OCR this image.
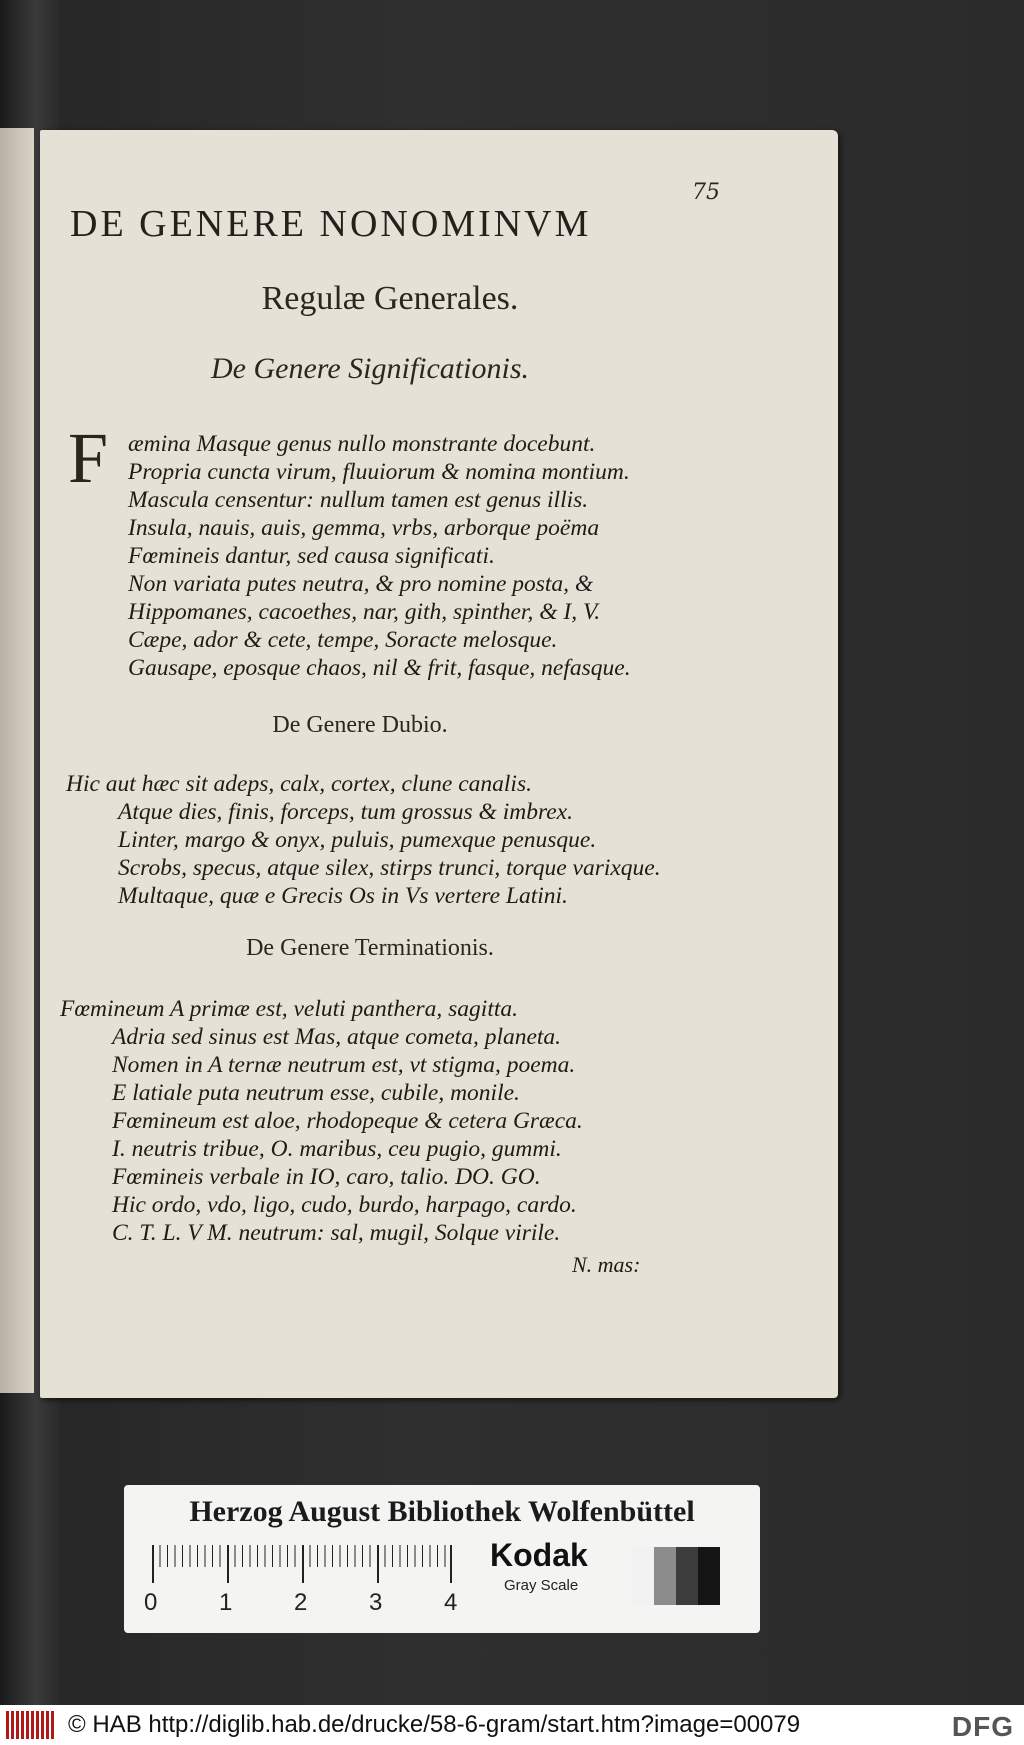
75
DE GENERE NONOMINVM
Regulæ Generales.
De Genere Significationis.
F æmina Masque genus nullo monstrante docebunt.
Propria cuncta virum, fluuiorum & nomina montium.
Mascula censentur: nullum tamen est genus illis.
Insula, nauis, auis, gemma, vrbs, arborque poëma
Fœmineis dantur, sed causa significati.
Non variata putes neutra, & pro nomine posta, &
Hippomanes, cacoethes, nar, gith, spinther, & I, V.
Cæpe, ador & cete, tempe, Soracte melosque.
Gausape, eposque chaos, nil & frit, fasque, nefasque.
De Genere Dubio.
Hic aut hæc sit adeps, calx, cortex, clune canalis.
Atque dies, finis, forceps, tum grossus & imbrex.
Linter, margo & onyx, puluis, pumexque penusque.
Scrobs, specus, atque silex, stirps trunci, torque varixque.
Multaque, quæ e Grecis Os in Vs vertere Latini.
De Genere Terminationis.
Fœmineum A primæ est, veluti panthera, sagitta.
Adria sed sinus est Mas, atque cometa, planeta.
Nomen in A ternæ neutrum est, vt stigma, poema.
E latiale puta neutrum esse, cubile, monile.
Fœmineum est aloe, rhodopeque & cetera Græca.
I. neutris tribue, O. maribus, ceu pugio, gummi.
Fœmineis verbale in IO, caro, talio. DO. GO.
Hic ordo, vdo, ligo, cudo, burdo, harpago, cardo.
C. T. L. V M. neutrum: sal, mugil, Solque virile.
N. mas:
Herzog August Bibliothek Wolfenbüttel
0	1	2	3	4
Kodak
Gray Scale
© HAB http://diglib.hab.de/drucke/58-6-gram/start.htm?image=00079	DFG
